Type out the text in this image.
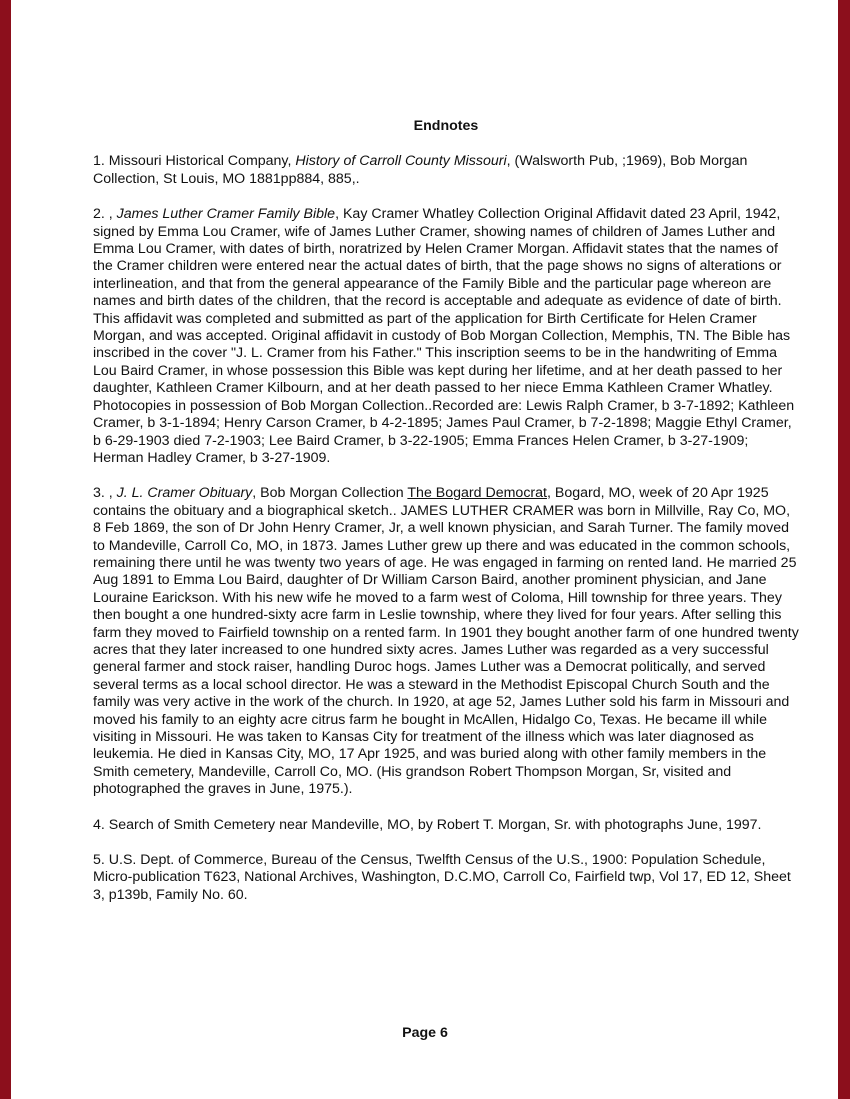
Endnotes

1. Missouri Historical Company, History of Carroll County Missouri, (Walsworth Pub, ;1969), Bob Morgan Collection, St Louis, MO 1881pp884, 885,.

2. , James Luther Cramer Family Bible, Kay Cramer Whatley Collection Original Affidavit dated 23 April, 1942, signed by Emma Lou Cramer, wife of James Luther Cramer, showing names of children of James Luther and Emma Lou Cramer, with dates of birth, noratrized by Helen Cramer Morgan. Affidavit states that the names of the Cramer children were entered near the actual dates of birth, that the page shows no signs of alterations or interlineation, and that from the general appearance of the Family Bible and the particular page whereon are names and birth dates of the children, that the record is acceptable and adequate as evidence of date of birth. This affidavit was completed and submitted as part of the application for Birth Certificate for Helen Cramer Morgan, and was accepted. Original affidavit in custody of Bob Morgan Collection, Memphis, TN. The Bible has inscribed in the cover "J. L. Cramer from his Father." This inscription seems to be in the handwriting of Emma Lou Baird Cramer, in whose possession this Bible was kept during her lifetime, and at her death passed to her daughter, Kathleen Cramer Kilbourn, and at her death passed to her niece Emma Kathleen Cramer Whatley. Photocopies in possession of Bob Morgan Collection..Recorded are: Lewis Ralph Cramer, b 3-7-1892; Kathleen Cramer, b 3-1-1894; Henry Carson Cramer, b 4-2-1895; James Paul Cramer, b 7-2-1898; Maggie Ethyl Cramer, b 6-29-1903 died 7-2-1903; Lee Baird Cramer, b 3-22-1905; Emma Frances Helen Cramer, b 3-27-1909; Herman Hadley Cramer, b 3-27-1909.

3. , J. L. Cramer Obituary, Bob Morgan Collection The Bogard Democrat, Bogard, MO, week of 20 Apr 1925 contains the obituary and a biographical sketch.. JAMES LUTHER CRAMER was born in Millville, Ray Co, MO, 8 Feb 1869, the son of Dr John Henry Cramer, Jr, a well known physician, and Sarah Turner. The family moved to Mandeville, Carroll Co, MO, in 1873. James Luther grew up there and was educated in the common schools, remaining there until he was twenty two years of age. He was engaged in farming on rented land. He married 25 Aug 1891 to Emma Lou Baird, daughter of Dr William Carson Baird, another prominent physician, and Jane Louraine Earickson. With his new wife he moved to a farm west of Coloma, Hill township for three years. They then bought a one hundred-sixty acre farm in Leslie township, where they lived for four years. After selling this farm they moved to Fairfield township on a rented farm. In 1901 they bought another farm of one hundred twenty acres that they later increased to one hundred sixty acres. James Luther was regarded as a very successful general farmer and stock raiser, handling Duroc hogs. James Luther was a Democrat politically, and served several terms as a local school director. He was a steward in the Methodist Episcopal Church South and the family was very active in the work of the church. In 1920, at age 52, James Luther sold his farm in Missouri and moved his family to an eighty acre citrus farm he bought in McAllen, Hidalgo Co, Texas. He became ill while visiting in Missouri. He was taken to Kansas City for treatment of the illness which was later diagnosed as leukemia. He died in Kansas City, MO, 17 Apr 1925, and was buried along with other family members in the Smith cemetery, Mandeville, Carroll Co, MO. (His grandson Robert Thompson Morgan, Sr, visited and photographed the graves in June, 1975.).

4. Search of Smith Cemetery near Mandeville, MO, by Robert T. Morgan, Sr. with photographs June, 1997.

5. U.S. Dept. of Commerce, Bureau of the Census, Twelfth Census of the U.S., 1900: Population Schedule, Micro-publication T623, National Archives, Washington, D.C.MO, Carroll Co, Fairfield twp, Vol 17, ED 12, Sheet 3, p139b, Family No. 60.

Page 6
